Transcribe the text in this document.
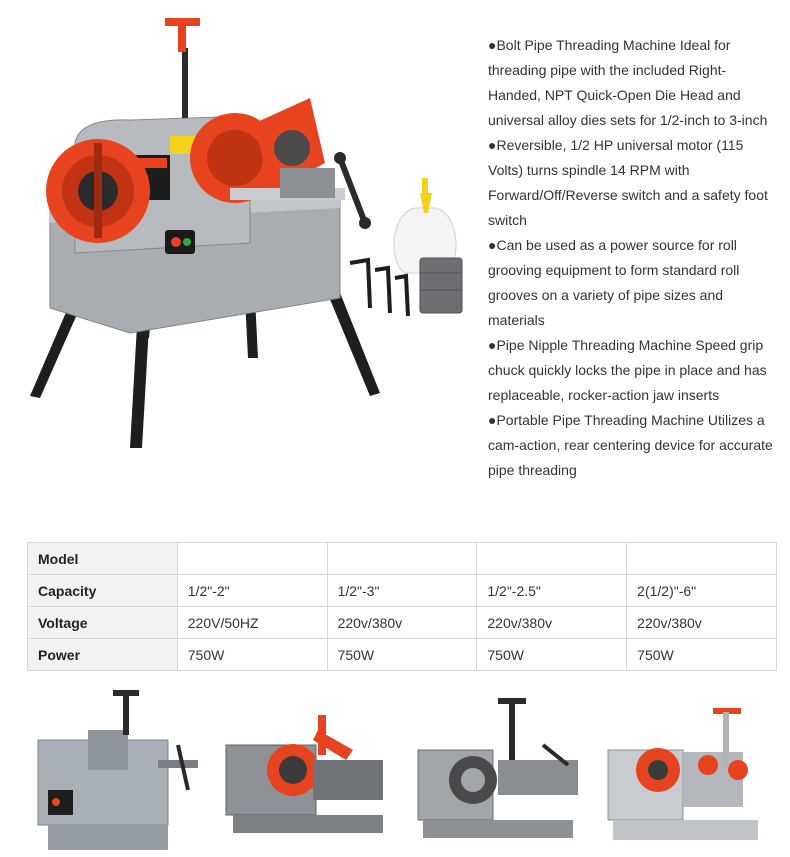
●Bolt Pipe Threading Machine Ideal for threading pipe with the included Right-Handed, NPT Quick-Open Die Head and universal alloy dies sets for 1/2-inch to 3-inch

●Reversible, 1/2 HP universal motor (115 Volts) turns spindle 14 RPM with Forward/Off/Reverse switch and a safety foot switch

●Can be used as a power source for roll grooving equipment to form standard roll grooves on a variety of pipe sizes and materials

●Pipe Nipple Threading Machine Speed grip chuck quickly locks the pipe in place and has replaceable, rocker-action jaw inserts

●Portable Pipe Threading Machine Utilizes a cam-action, rear centering device for accurate pipe threading

Model				
Capacity	1/2"-2"	1/2"-3"	1/2"-2.5"	2(1/2)"-6"
Voltage	220V/50HZ	220v/380v	220v/380v	220v/380v
Power	750W	750W	750W	750W
